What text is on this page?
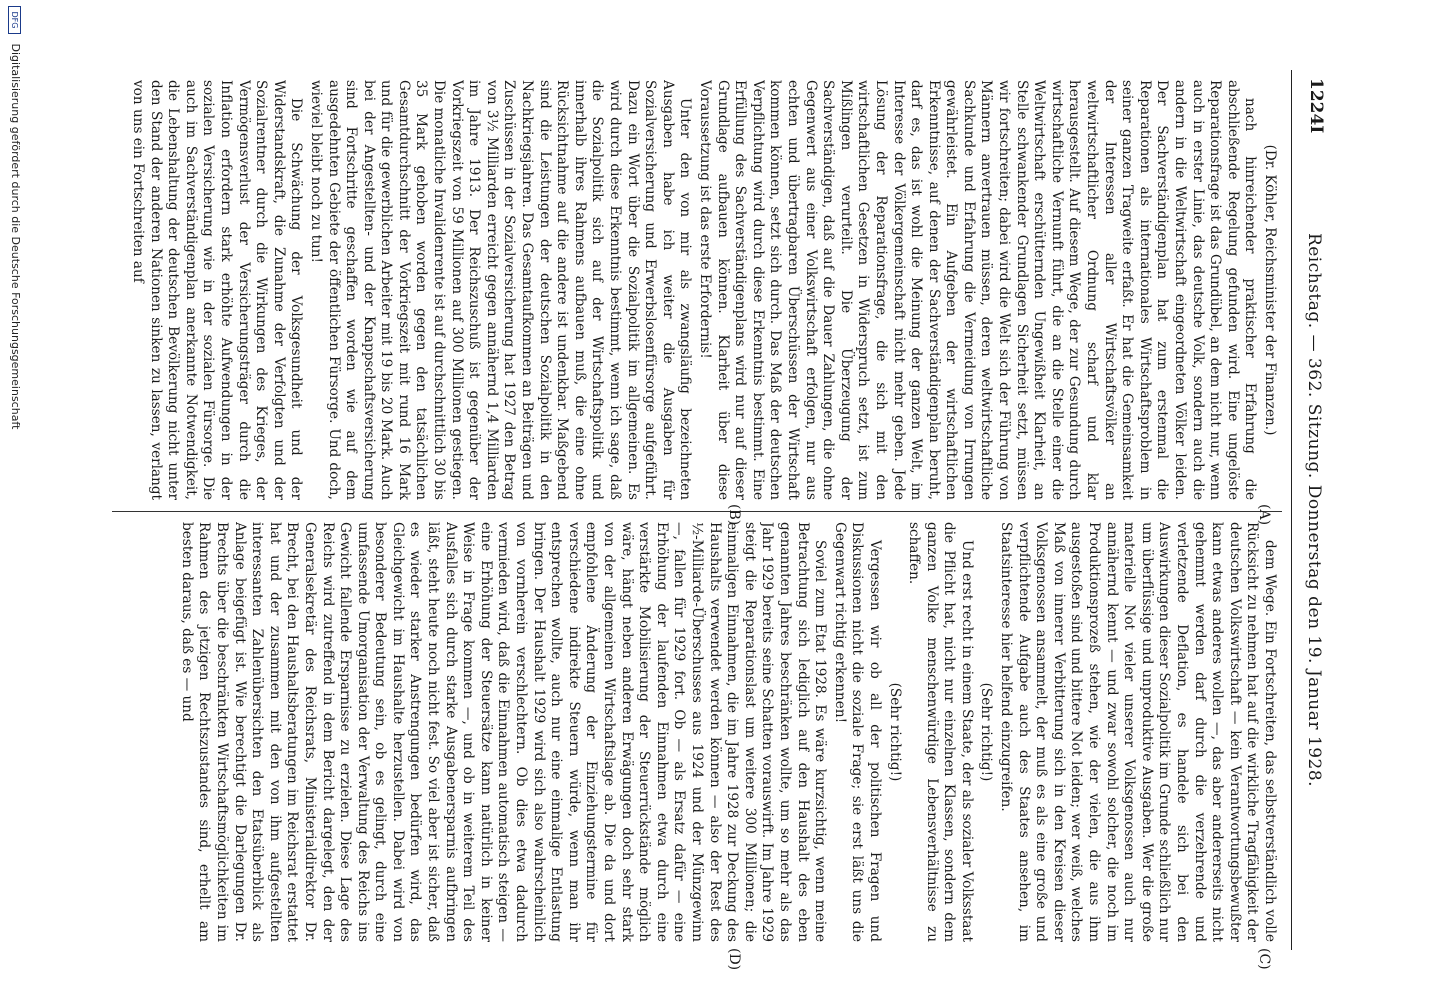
DFG Digitalisierung gefördert durch die Deutsche Forschungsgemeinschaft	1224I
Reichstag. — 362. Sitzung. Donnerstag den 19. Januar 1928.
(A)
(B)
(C)
(D)

(Dr. Köhler, Reichsminister der Finanzen.)

nach hinreichender praktischer Erfahrung die abschließende Regelung gefunden wird. Eine ungelöste Reparationsfrage ist das Grundübel, an dem nicht nur, wenn auch in erster Linie, das deutsche Volk, sondern auch die andern in die Weltwirtschaft eingeordneten Völker leiden. Der Sachverständigenplan hat zum erstenmal die Reparationen als internationales Wirtschaftsproblem in seiner ganzen Tragweite erfaßt. Er hat die Gemeinsamkeit der Interessen aller Wirtschaftsvölker an weltwirtschaftlicher Ordnung scharf und klar herausgestellt. Auf diesem Wege, der zur Gesundung durch wirtschaftliche Vernunft führt, die an die Stelle einer die Weltwirtschaft erschütternden Ungewißheit Klarheit, an Stelle schwankender Grundlagen Sicherheit setzt, müssen wir fortschreiten; dabei wird die Welt sich der Führung von Männern anvertrauen müssen, deren weltwirtschaftliche Sachkunde und Erfahrung die Vermeidung von Irrungen gewährleistet. Ein Aufgeben der wirtschaftlichen Erkenntnisse, auf denen der Sachverständigenplan beruht, darf es, das ist wohl die Meinung der ganzen Welt, im Interesse der Völkergemeinschaft nicht mehr geben. Jede Lösung der Reparationsfrage, die sich mit den wirtschaftlichen Gesetzen in Widerspruch setzt, ist zum Mißlingen verurteilt. Die Überzeugung der Sachverständigen, daß auf die Dauer Zahlungen, die ohne Gegenwert aus einer Volkswirtschaft erfolgen, nur aus echten und übertragbaren Überschüssen der Wirtschaft kommen können, setzt sich durch. Das Maß der deutschen Verpflichtung wird durch diese Erkenntnis bestimmt. Eine Erfüllung des Sachverständigenplans wird nur auf dieser Grundlage aufbauen können. Klarheit über diese Voraussetzung ist das erste Erfordernis!

Unter den von mir als zwangsläufig bezeichneten Ausgaben habe ich weiter die Ausgaben für Sozialversicherung und Erwerbslosenfürsorge aufgeführt. Dazu ein Wort über die Sozialpolitik im allgemeinen. Es wird durch diese Erkenntnis bestimmt, wenn ich sage, daß die Sozialpolitik sich auf der Wirtschaftspolitik und innerhalb ihres Rahmens aufbauen muß, die eine ohne Rücksichtnahme auf die andere ist undenkbar. Maßgebend sind die Leistungen der deutschen Sozialpolitik in den Nachkriegsjahren. Das Gesamtaufkommen an Beiträgen und Zuschüssen in der Sozialversicherung hat 1927 den Betrag von 3½ Milliarden erreicht gegen annähernd 1,4 Milliarden im Jahre 1913. Der Reichszuschuß ist gegenüber der Vorkriegszeit von 59 Millionen auf 300 Millionen gestiegen. Die monatliche Invalidenrente ist auf durchschnittlich 30 bis 35 Mark gehoben worden gegen den tatsächlichen Gesamtdurchschnitt der Vorkriegszeit mit rund 16 Mark und für die gewerblichen Arbeiter mit 19 bis 20 Mark. Auch bei der Angestellten- und der Knappschaftsversicherung sind Fortschritte geschaffen worden wie auf dem ausgedehnten Gebiete der öffentlichen Fürsorge. Und doch, wieviel bleibt noch zu tun!

Die Schwächung der Volksgesundheit und der Widerstandskraft, die Zunahme der Verfolgten und der Sozialrentner durch die Wirkungen des Krieges, der Vermögensverlust der Versicherungsträger durch die Inflation erfordern stark erhöhte Aufwendungen in der sozialen Versicherung wie in der sozialen Fürsorge. Die auch im Sachverständigenplan anerkannte Notwendigkeit, die Lebenshaltung der deutschen Bevölkerung nicht unter den Stand der anderen Nationen sinken zu lassen, verlangt von uns ein Fortschreiten auf

dem Wege. Ein Fortschreiten, das selbstverständlich volle Rücksicht zu nehmen hat auf die wirkliche Tragfähigkeit der deutschen Volkswirtschaft — kein Verantwortungsbewußter kann etwas anderes wollen —, das aber andererseits nicht gehemmt werden darf durch die verzehrende und verletzende Deflation, es handele sich bei den Auswirkungen dieser Sozialpolitik im Grunde schließlich nur um überflüssige und unproduktive Ausgaben. Wer die große materielle Not vieler unserer Volksgenossen auch nur annähernd kennt — und zwar sowohl solcher, die noch im Produktionsprozeß stehen, wie der vielen, die aus ihm ausgestoßen sind und bittere Not leiden; wer weiß, welches Maß von innerer Verbitterung sich in den Kreisen dieser Volksgenossen ansammelt, der muß es als eine große und verpflichtende Aufgabe auch des Staates ansehen, im Staatsinteresse hier helfend einzugreifen.

(Sehr richtig!)

Und erst recht in einem Staate, der als sozialer Volksstaat die Pflicht hat, nicht nur einzelnen Klassen, sondern dem ganzen Volke menschenwürdige Lebensverhältnisse zu schaffen.

(Sehr richtig!)

Vergessen wir ob all der politischen Fragen und Diskussionen nicht die soziale Frage; sie erst läßt uns die Gegenwart richtig erkennen!

Soviel zum Etat 1928. Es wäre kurzsichtig, wenn meine Betrachtung sich lediglich auf den Haushalt des eben genannten Jahres beschränken wollte, um so mehr als das Jahr 1929 bereits seine Schatten vorauswirft. Im Jahre 1929 steigt die Reparationslast um weitere 300 Millionen; die einmaligen Einnahmen, die im Jahre 1928 zur Deckung des Haushalts verwendet werden können — also der Rest des ½-Milliarde-Überschusses aus 1924 und der Münzgewinn —, fallen für 1929 fort. Ob — als Ersatz dafür — eine Erhöhung der laufenden Einnahmen etwa durch eine verstärkte Mobilisierung der Steuerrückstände möglich wäre, hängt neben anderen Erwägungen doch sehr stark von der allgemeinen Wirtschaftslage ab. Die da und dort empfohlene Änderung der Einziehungstermine für verschiedene indirekte Steuern würde, wenn man ihr entsprechen wollte, auch nur eine einmalige Entlastung bringen. Der Haushalt 1929 wird sich also wahrscheinlich von vornherein verschlechtern. Ob dies etwa dadurch vermieden wird, daß die Einnahmen automatisch steigen — eine Erhöhung der Steuersätze kann natürlich in keiner Weise in Frage kommen —, und ob in weiterem Teil des Ausfalles sich durch starke Ausgabenersparnis aufbringen läßt, steht heute noch nicht fest. So viel aber ist sicher, daß es wieder starker Anstrengungen bedürfen wird, das Gleichgewicht im Haushalte herzustellen. Dabei wird von besonderer Bedeutung sein, ob es gelingt, durch eine umfassende Umorganisation der Verwaltung des Reichs ins Gewicht fallende Ersparnisse zu erzielen. Diese Lage des Reichs wird zutreffend in dem Bericht dargelegt, den der Generalsekretär des Reichsrats, Ministerialdirektor Dr. Brecht, bei den Haushaltsberatungen im Reichsrat erstattet hat und der zusammen mit den von ihm aufgestellten interessanten Zahlenübersichten den Etatsüberblick als Anlage beigefügt ist. Wie berechtigt die Darlegungen Dr. Brechts über die beschränkten Wirtschaftsmöglichkeiten im Rahmen des jetzigen Rechtszustandes sind, erhellt am besten daraus, daß es — und
